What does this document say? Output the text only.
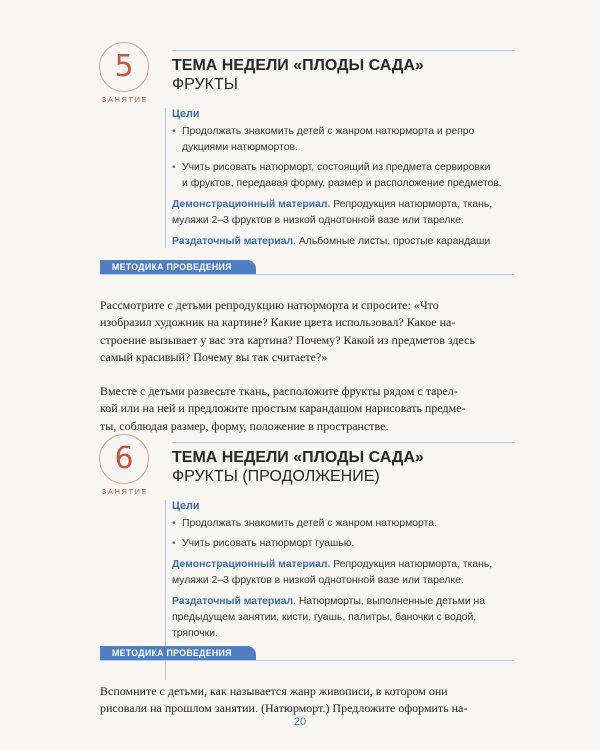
5
ЗАНЯТИЕ
ТЕМА НЕДЕЛИ «ПЛОДЫ САДА»
ФРУКТЫ
Цели
• Продолжать знакомить детей с жанром натюрморта и репро
дукциями натюрмортов.
• Учить рисовать натюрморт, состоящий из предмета сервировки
и фруктов, передавая форму, размер и расположение предметов.
Демонстрационный материал. Репродукция натюрморта, ткань,
муляжи 2–3 фруктов в низкой однотонной вазе или тарелке.
Раздаточный материал. Альбомные листы, простые карандаши
МЕТОДИКА ПРОВЕДЕНИЯ

Рассмотрите с детьми репродукцию натюрморта и спросите: «Что
изобразил художник на картине? Какие цвета использовал? Какое на-
строение вызывает у вас эта картина? Почему? Какой из предметов здесь
самый красивый? Почему вы так считаете?»

Вместе с детьми развесьте ткань, расположите фрукты рядом с тарел-
кой или на ней и предложите простым карандашом нарисовать предме-
ты, соблюдая размер, форму, положение в пространстве.

6
ЗАНЯТИЕ
ТЕМА НЕДЕЛИ «ПЛОДЫ САДА»
ФРУКТЫ (ПРОДОЛЖЕНИЕ)
Цели
• Продолжать знакомить детей с жанром натюрморта.
• Учить рисовать натюрморт гуашью.
Демонстрационный материал. Репродукция натюрморта, ткань,
муляжи 2–3 фруктов в низкой однотонной вазе или тарелке.
Раздаточный материал. Натюрморты, выполненные детьми на
предыдущем занятии, кисти, гуашь, палитры, баночки с водой,
тряпочки.
МЕТОДИКА ПРОВЕДЕНИЯ

Вспомните с детьми, как называется жанр живописи, в котором они
рисовали на прошлом занятии. (Натюрморт.) Предложите оформить на-

20
